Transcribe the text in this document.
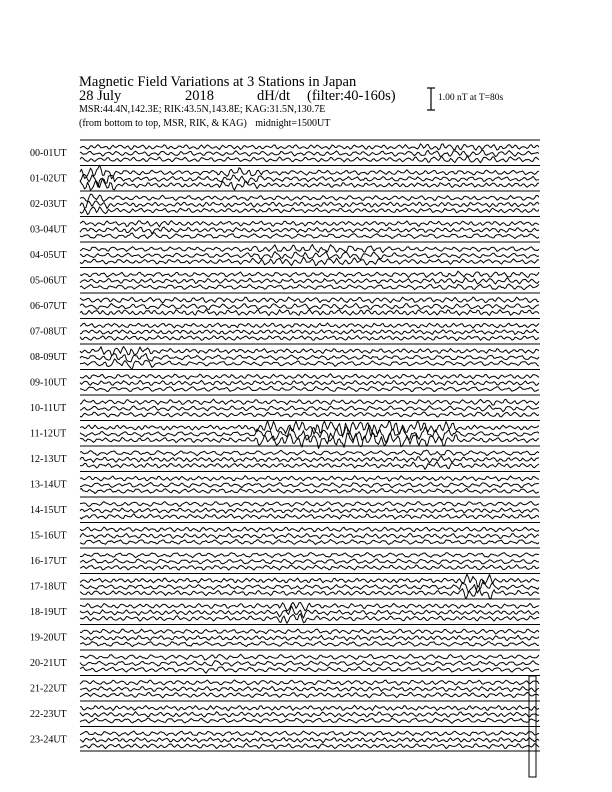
Magnetic Field Variations at 3 Stations in Japan
28 July	2018	dH/dt (filter:40-160s)
MSR:44.4N,142.3E; RIK:43.5N,143.8E; KAG:31.5N,130.7E
(from bottom to top, MSR, RIK, & KAG) midnight=1500UT
1.00 nT at T=80s
00-01UT
01-02UT
02-03UT
03-04UT
04-05UT
05-06UT
06-07UT
07-08UT
08-09UT
09-10UT
10-11UT
11-12UT
12-13UT
13-14UT
14-15UT
15-16UT
16-17UT
17-18UT
18-19UT
19-20UT
20-21UT
21-22UT
22-23UT
23-24UT
